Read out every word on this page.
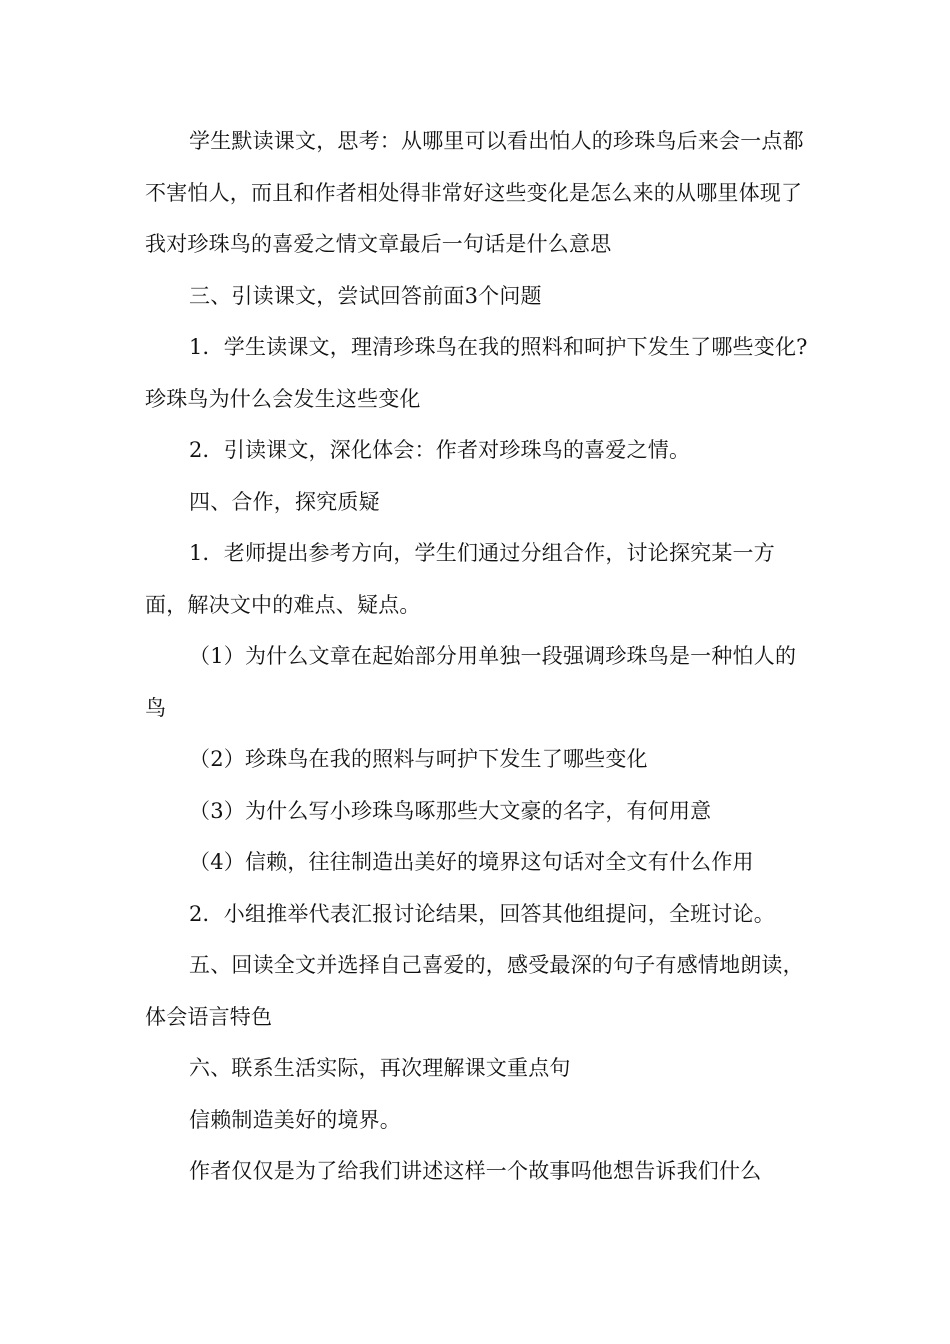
学生默读课文，思考：从哪里可以看出怕人的珍珠鸟后来会一点都不害怕人，而且和作者相处得非常好这些变化是怎么来的从哪里体现了我对珍珠鸟的喜爱之情文章最后一句话是什么意思

三、引读课文，尝试回答前面3个问题

1．学生读课文，理清珍珠鸟在我的照料和呵护下发生了哪些变化?珍珠鸟为什么会发生这些变化

2．引读课文，深化体会：作者对珍珠鸟的喜爱之情。

四、合作，探究质疑

1．老师提出参考方向，学生们通过分组合作，讨论探究某一方面，解决文中的难点、疑点。

（1）为什么文章在起始部分用单独一段强调珍珠鸟是一种怕人的鸟

（2）珍珠鸟在我的照料与呵护下发生了哪些变化

（3）为什么写小珍珠鸟啄那些大文豪的名字，有何用意

（4）信赖，往往制造出美好的境界这句话对全文有什么作用

2．小组推举代表汇报讨论结果，回答其他组提问，全班讨论。

五、回读全文并选择自己喜爱的，感受最深的句子有感情地朗读，体会语言特色

六、联系生活实际，再次理解课文重点句

信赖制造美好的境界。

作者仅仅是为了给我们讲述这样一个故事吗他想告诉我们什么
